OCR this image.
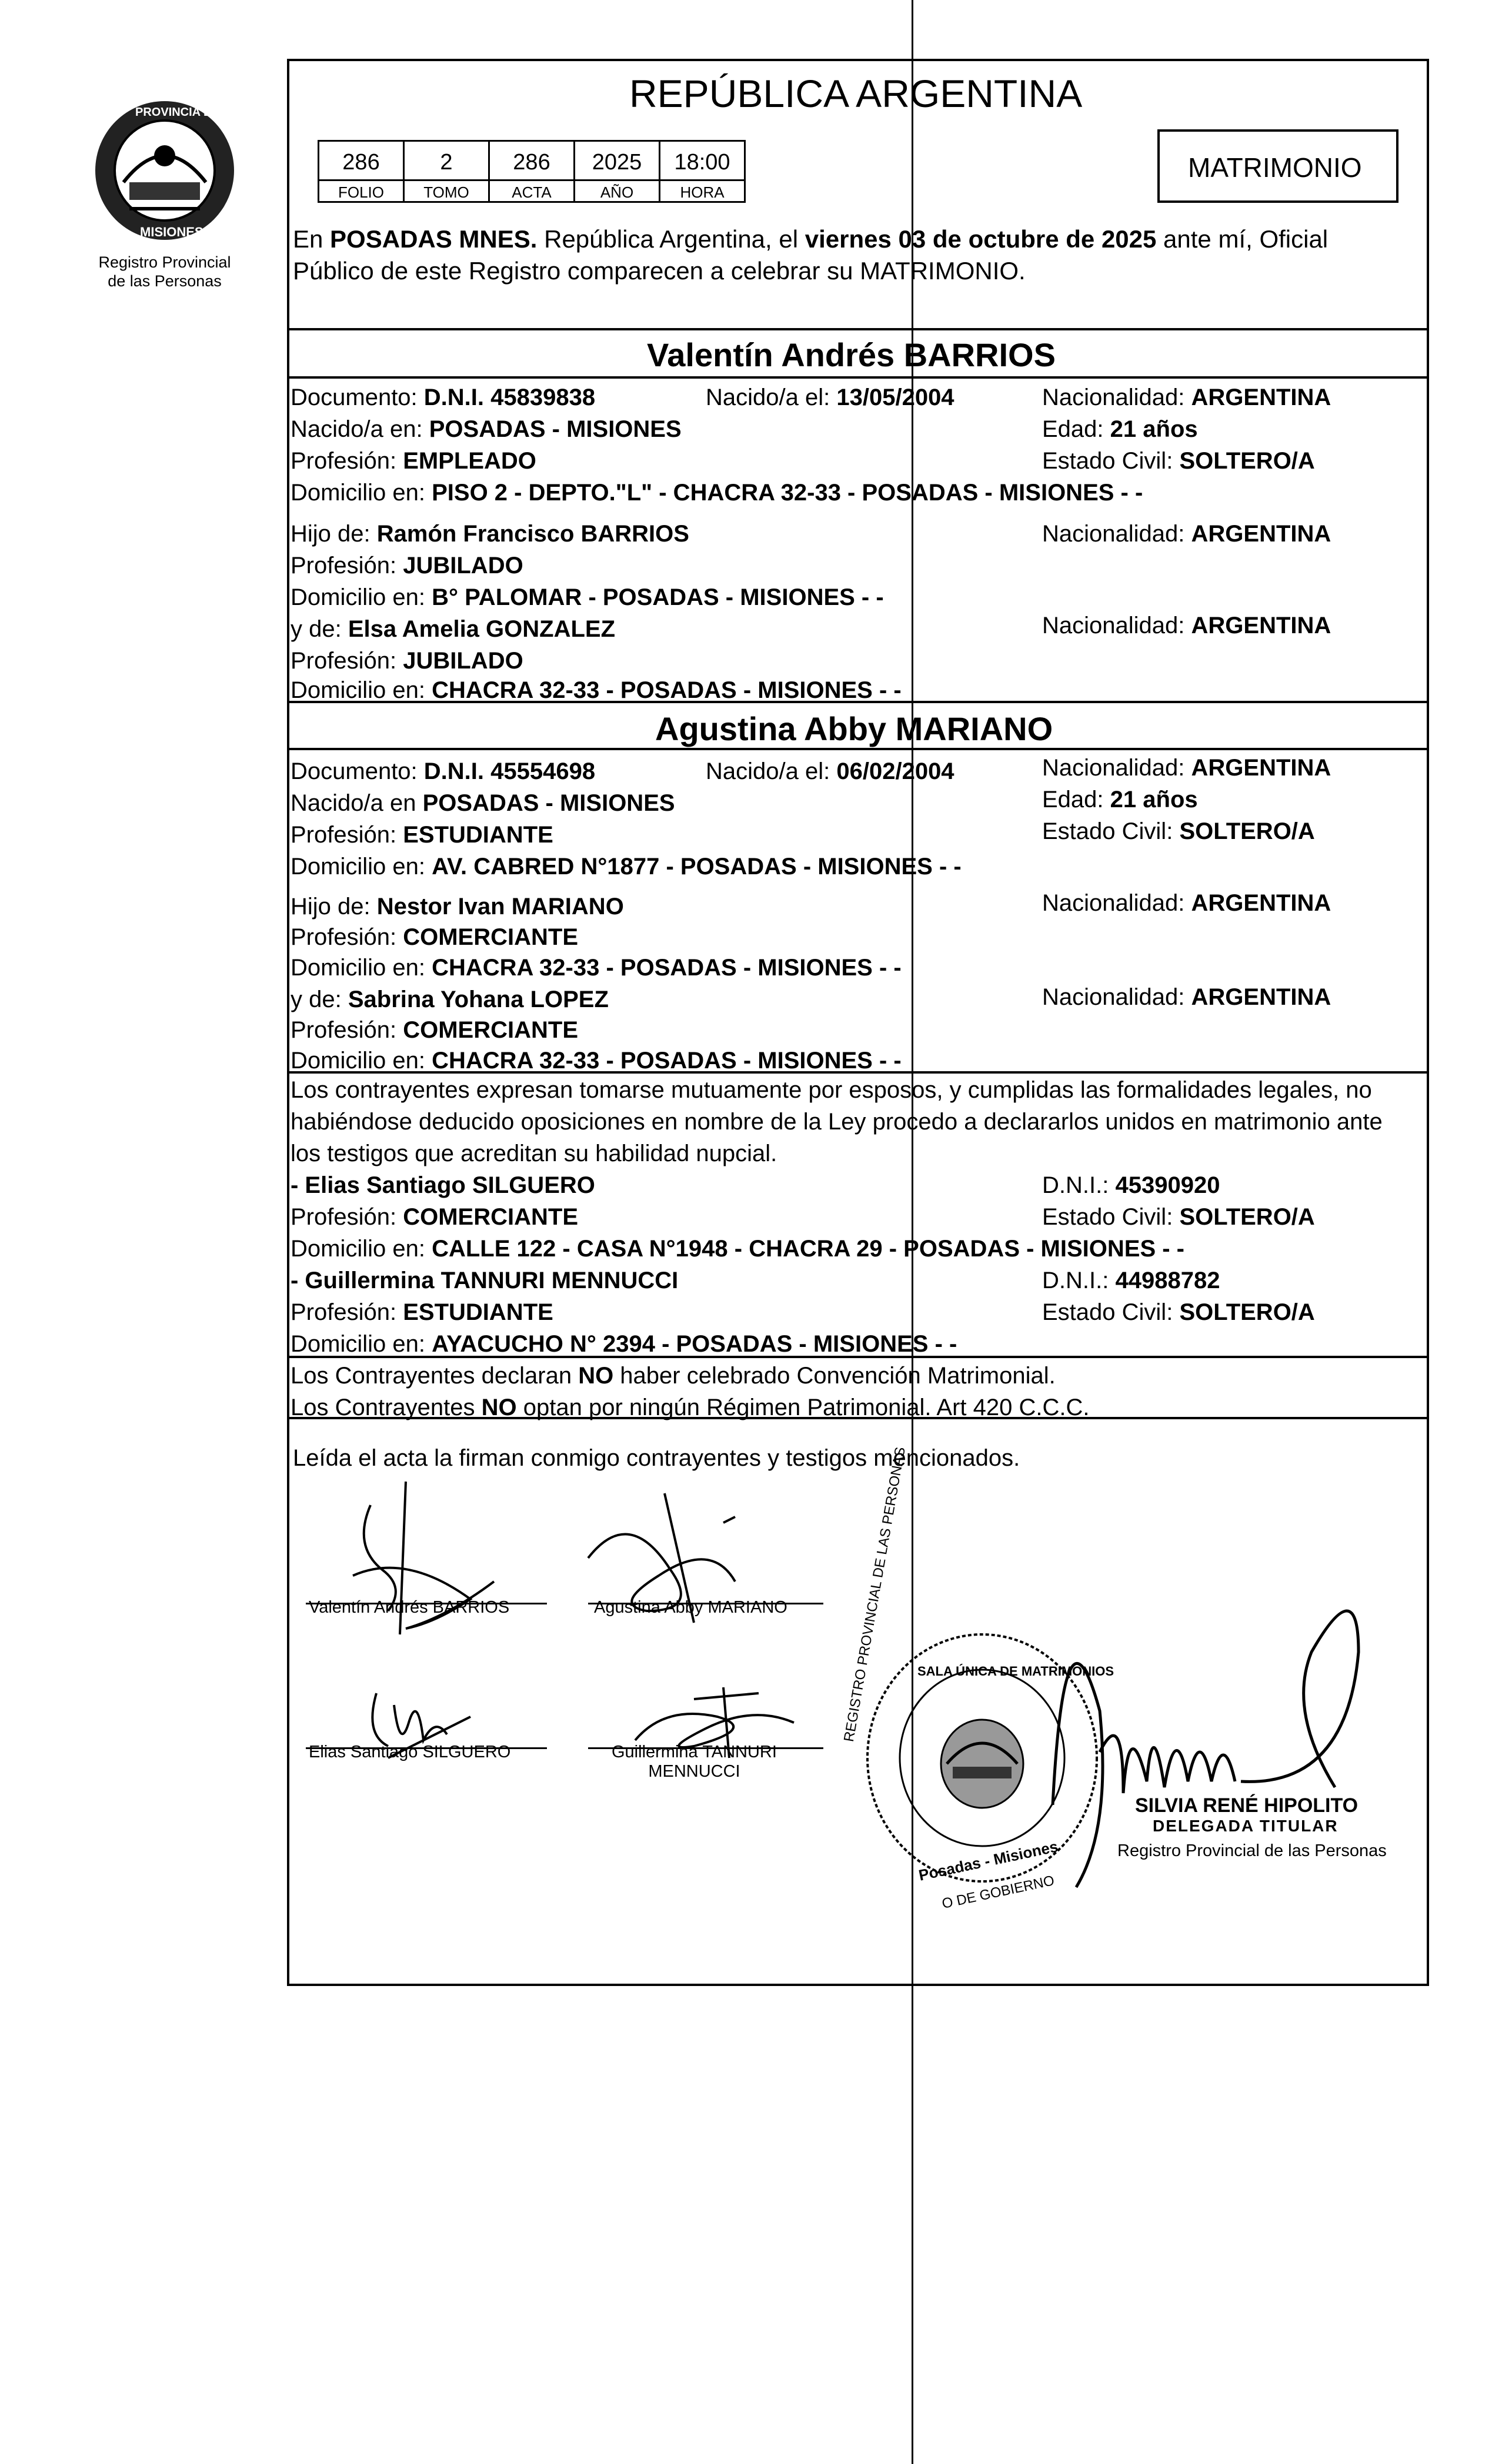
PROVINCIA DE
MISIONES
Registro Provincial
de las Personas
REPÚBLICA ARGENTINA
286	2	286	2025	18:00
FOLIO	TOMO	ACTA	AÑO	HORA
MATRIMONIO
En POSADAS MNES. República Argentina, el viernes 03 de octubre de 2025 ante mí, Oficial
Público de este Registro comparecen a celebrar su MATRIMONIO.
Valentín Andrés BARRIOS
Documento: D.N.I. 45839838	Nacido/a el: 13/05/2004	Nacionalidad: ARGENTINA
Nacido/a en: POSADAS - MISIONES	Edad: 21 años
Profesión: EMPLEADO	Estado Civil: SOLTERO/A
Domicilio en: PISO 2 - DEPTO."L" - CHACRA 32-33 - POSADAS - MISIONES - -
Hijo de: Ramón Francisco BARRIOS	Nacionalidad: ARGENTINA
Profesión: JUBILADO
Domicilio en: B° PALOMAR - POSADAS - MISIONES - -
y de: Elsa Amelia GONZALEZ	Nacionalidad: ARGENTINA
Profesión: JUBILADO
Domicilio en: CHACRA 32-33 - POSADAS - MISIONES - -
Agustina Abby MARIANO
Documento: D.N.I. 45554698	Nacido/a el: 06/02/2004	Nacionalidad: ARGENTINA
Nacido/a en POSADAS - MISIONES	Edad: 21 años
Profesión: ESTUDIANTE	Estado Civil: SOLTERO/A
Domicilio en: AV. CABRED N°1877 - POSADAS - MISIONES - -
Hijo de: Nestor Ivan MARIANO	Nacionalidad: ARGENTINA
Profesión: COMERCIANTE
Domicilio en: CHACRA 32-33 - POSADAS - MISIONES - -
y de: Sabrina Yohana LOPEZ	Nacionalidad: ARGENTINA
Profesión: COMERCIANTE
Domicilio en: CHACRA 32-33 - POSADAS - MISIONES - -
Los contrayentes expresan tomarse mutuamente por esposos, y cumplidas las formalidades legales, no
habiéndose deducido oposiciones en nombre de la Ley procedo a declararlos unidos en matrimonio ante
los testigos que acreditan su habilidad nupcial.
- Elias Santiago SILGUERO	D.N.I.: 45390920
Profesión: COMERCIANTE	Estado Civil: SOLTERO/A
Domicilio en: CALLE 122 - CASA N°1948 - CHACRA 29 - POSADAS - MISIONES - -
- Guillermina TANNURI MENNUCCI	D.N.I.: 44988782
Profesión: ESTUDIANTE	Estado Civil: SOLTERO/A
Domicilio en: AYACUCHO N° 2394 - POSADAS - MISIONES - -
Los Contrayentes declaran NO haber celebrado Convención Matrimonial.
Los Contrayentes NO optan por ningún Régimen Patrimonial. Art 420 C.C.C.
Leída el acta la firman conmigo contrayentes y testigos mencionados.
Valentín Andrés BARRIOS	Agustina Abby MARIANO
Elias Santiago SILGUERO	Guillermina TANNURI
MENNUCCI
REGISTRO PROVINCIAL DE LAS PERSONAS SALA ÚNICA DE MATRIMONIOS
Posadas - Misiones
O DE GOBIERNO
SILVIA RENÉ HIPOLITO
DELEGADA TITULAR
Registro Provincial de las Personas
